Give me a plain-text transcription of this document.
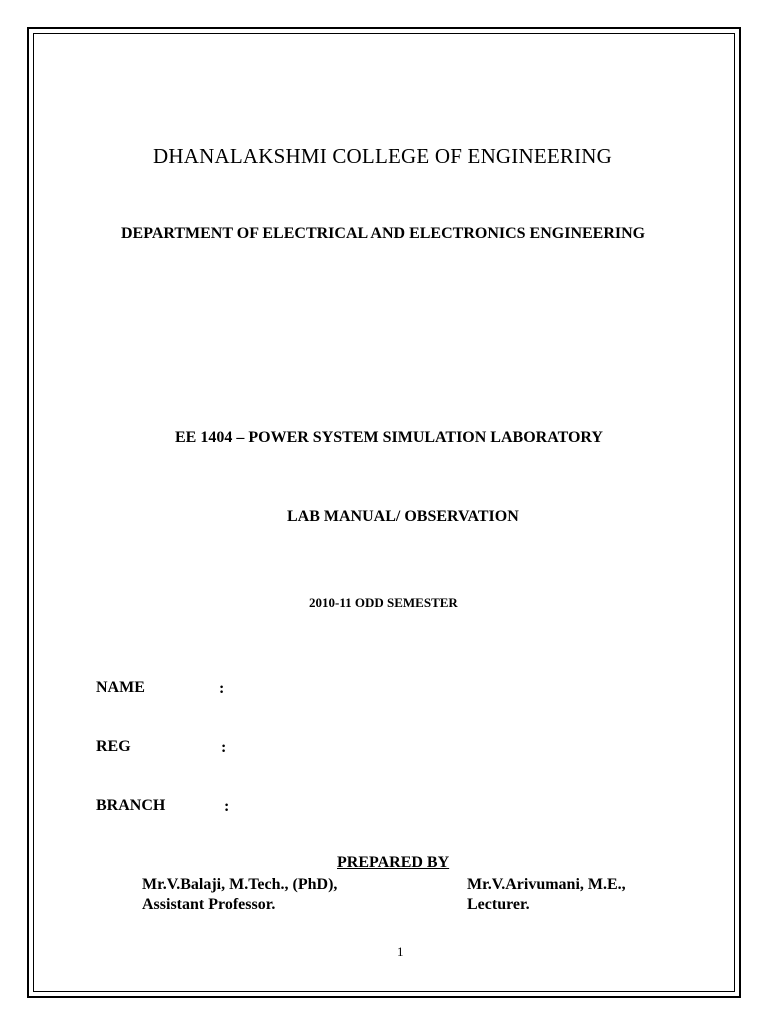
DHANALAKSHMI COLLEGE OF ENGINEERING
DEPARTMENT OF ELECTRICAL AND ELECTRONICS ENGINEERING
EE 1404 – POWER SYSTEM SIMULATION LABORATORY
LAB MANUAL/ OBSERVATION
2010-11 ODD SEMESTER
NAME	:
REG	:
BRANCH	:
PREPARED BY
Mr.V.Balaji, M.Tech., (PhD),
Assistant Professor.
Mr.V.Arivumani, M.E.,
Lecturer.
1
